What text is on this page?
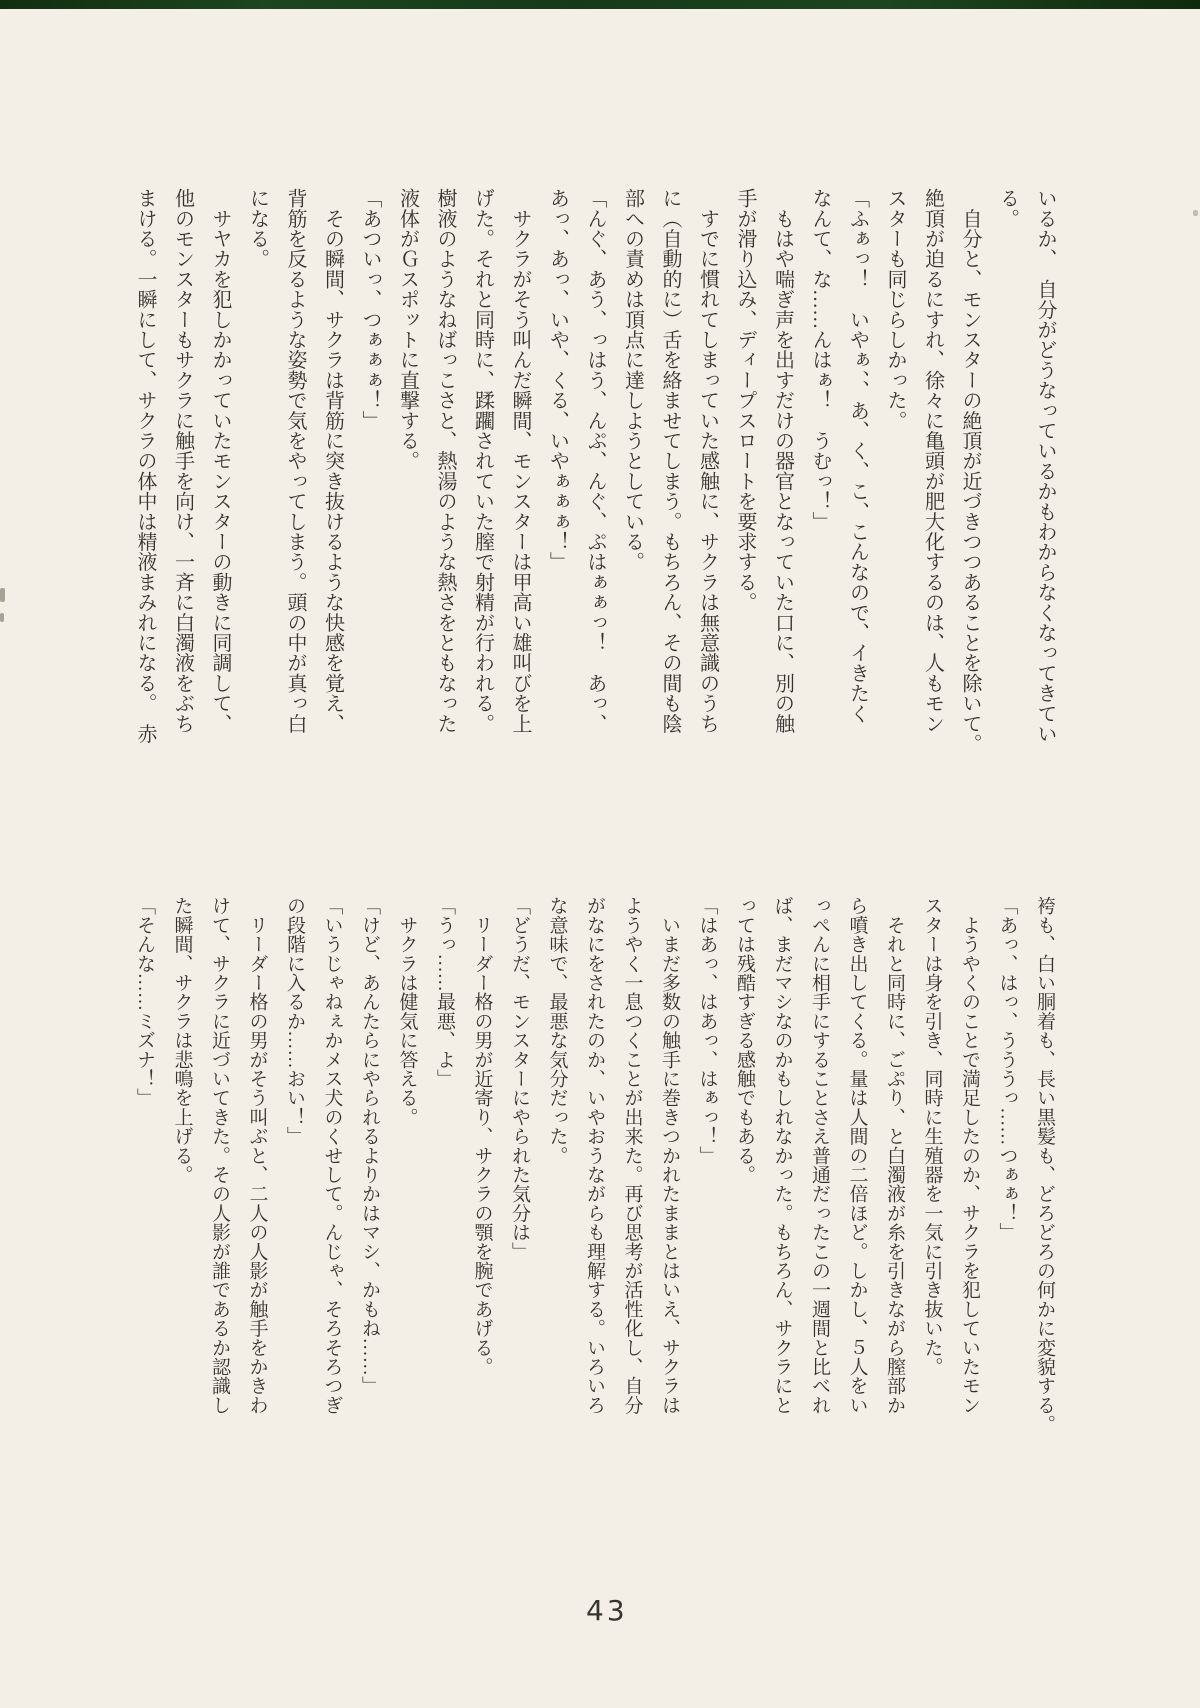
いるか、　自分がどうなっているかもわからなくなってきてい
る。
　自分と、モンスターの絶頂が近づきつつあることを除いて。
絶頂が迫るにすれ、徐々に亀頭が肥大化するのは、人もモン
スターも同じらしかった。
「ふぁっ！　いやぁ、、あ、く、こ、こんなので、イきたく
なんて、な……んはぁ！　うむっ！」
　もはや喘ぎ声を出すだけの器官となっていた口に、別の触
手が滑り込み、ディープスロートを要求する。
　すでに慣れてしまっていた感触に、サクラは無意識のうち
に（自動的に）舌を絡ませてしまう。もちろん、その間も陰
部への責めは頂点に達しようとしている。
「んぐ、あう、っはう、んぷ、んぐ、ぷはぁぁっ！　あっ、
あっ、あっ、いや、くる、いやぁぁぁ！」
　サクラがそう叫んだ瞬間、モンスターは甲高い雄叫びを上
げた。それと同時に、蹂躙されていた膣で射精が行われる。
樹液のようなねばっこさと、熱湯のような熱さをともなった
液体がＧスポットに直撃する。
「あついっ、つぁぁぁ！」
　その瞬間、サクラは背筋に突き抜けるような快感を覚え、
背筋を反るような姿勢で気をやってしまう。頭の中が真っ白
になる。
　サヤカを犯しかかっていたモンスターの動きに同調して、
他のモンスターもサクラに触手を向け、一斉に白濁液をぶち
まける。一瞬にして、サクラの体中は精液まみれになる。　赤
袴も、白い胴着も、長い黒髪も、どろどろの何かに変貌する。
「あっ、はっ、うううっ……つぁぁ！」
　ようやくのことで満足したのか、サクラを犯していたモン
スターは身を引き、同時に生殖器を一気に引き抜いた。
　それと同時に、ごぷり、と白濁液が糸を引きながら膣部か
ら噴き出してくる。量は人間の二倍ほど。しかし、５人をい
っぺんに相手にすることさえ普通だったこの一週間と比べれ
ば、まだマシなのかもしれなかった。もちろん、サクラにと
っては残酷すぎる感触でもある。
「はあっ、はあっ、はぁっ！」
　いまだ多数の触手に巻きつかれたままとはいえ、サクラは
ようやく一息つくことが出来た。再び思考が活性化し、自分
がなにをされたのか、いやおうながらも理解する。いろいろ
な意味で、最悪な気分だった。
「どうだ、モンスターにやられた気分は」
　リーダー格の男が近寄り、サクラの顎を腕であげる。
「うっ……最悪、よ」
　サクラは健気に答える。
「けど、あんたらにやられるよりかはマシ、かもね……」
「いうじゃねぇかメス犬のくせして。んじゃ、そろそろつぎ
の段階に入るか……おい！」
　リーダー格の男がそう叫ぶと、二人の人影が触手をかきわ
けて、サクラに近づいてきた。その人影が誰であるか認識し
た瞬間、サクラは悲鳴を上げる。
「そんな……ミズナ！」
43
